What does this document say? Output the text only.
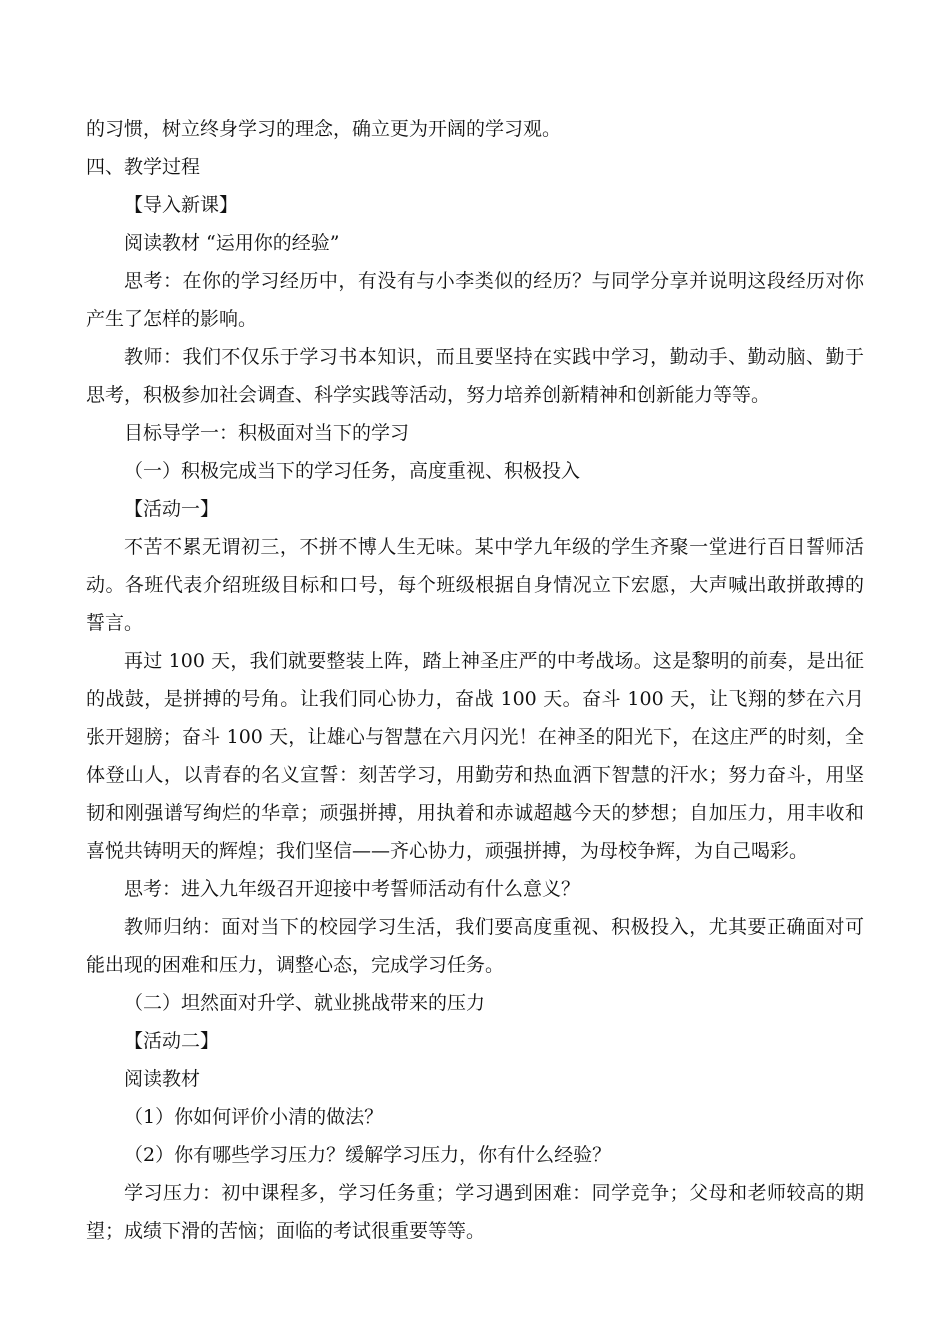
的习惯，树立终身学习的理念，确立更为开阔的学习观。

四、教学过程

【导入新课】

阅读教材 “运用你的经验”

思考：在你的学习经历中，有没有与小李类似的经历？与同学分享并说明这段经历对你产生了怎样的影响。

教师：我们不仅乐于学习书本知识，而且要坚持在实践中学习，勤动手、勤动脑、勤于思考，积极参加社会调查、科学实践等活动，努力培养创新精神和创新能力等等。

目标导学一：积极面对当下的学习

（一）积极完成当下的学习任务，高度重视、积极投入

【活动一】

不苦不累无谓初三，不拼不博人生无味。某中学九年级的学生齐聚一堂进行百日誓师活动。各班代表介绍班级目标和口号，每个班级根据自身情况立下宏愿，大声喊出敢拼敢搏的誓言。

再过 100 天，我们就要整装上阵，踏上神圣庄严的中考战场。这是黎明的前奏，是出征的战鼓，是拼搏的号角。让我们同心协力，奋战 100 天。奋斗 100 天，让飞翔的梦在六月张开翅膀；奋斗 100 天，让雄心与智慧在六月闪光！在神圣的阳光下，在这庄严的时刻，全体登山人，以青春的名义宣誓：刻苦学习，用勤劳和热血洒下智慧的汗水；努力奋斗，用坚韧和刚强谱写绚烂的华章；顽强拼搏，用执着和赤诚超越今天的梦想；自加压力，用丰收和喜悦共铸明天的辉煌；我们坚信——齐心协力，顽强拼搏，为母校争辉，为自己喝彩。

思考：进入九年级召开迎接中考誓师活动有什么意义？

教师归纳：面对当下的校园学习生活，我们要高度重视、积极投入，尤其要正确面对可能出现的困难和压力，调整心态，完成学习任务。

（二）坦然面对升学、就业挑战带来的压力

【活动二】

阅读教材

（1）你如何评价小清的做法？

（2）你有哪些学习压力？缓解学习压力，你有什么经验？

学习压力：初中课程多，学习任务重；学习遇到困难：同学竞争；父母和老师较高的期望；成绩下滑的苦恼；面临的考试很重要等等。
